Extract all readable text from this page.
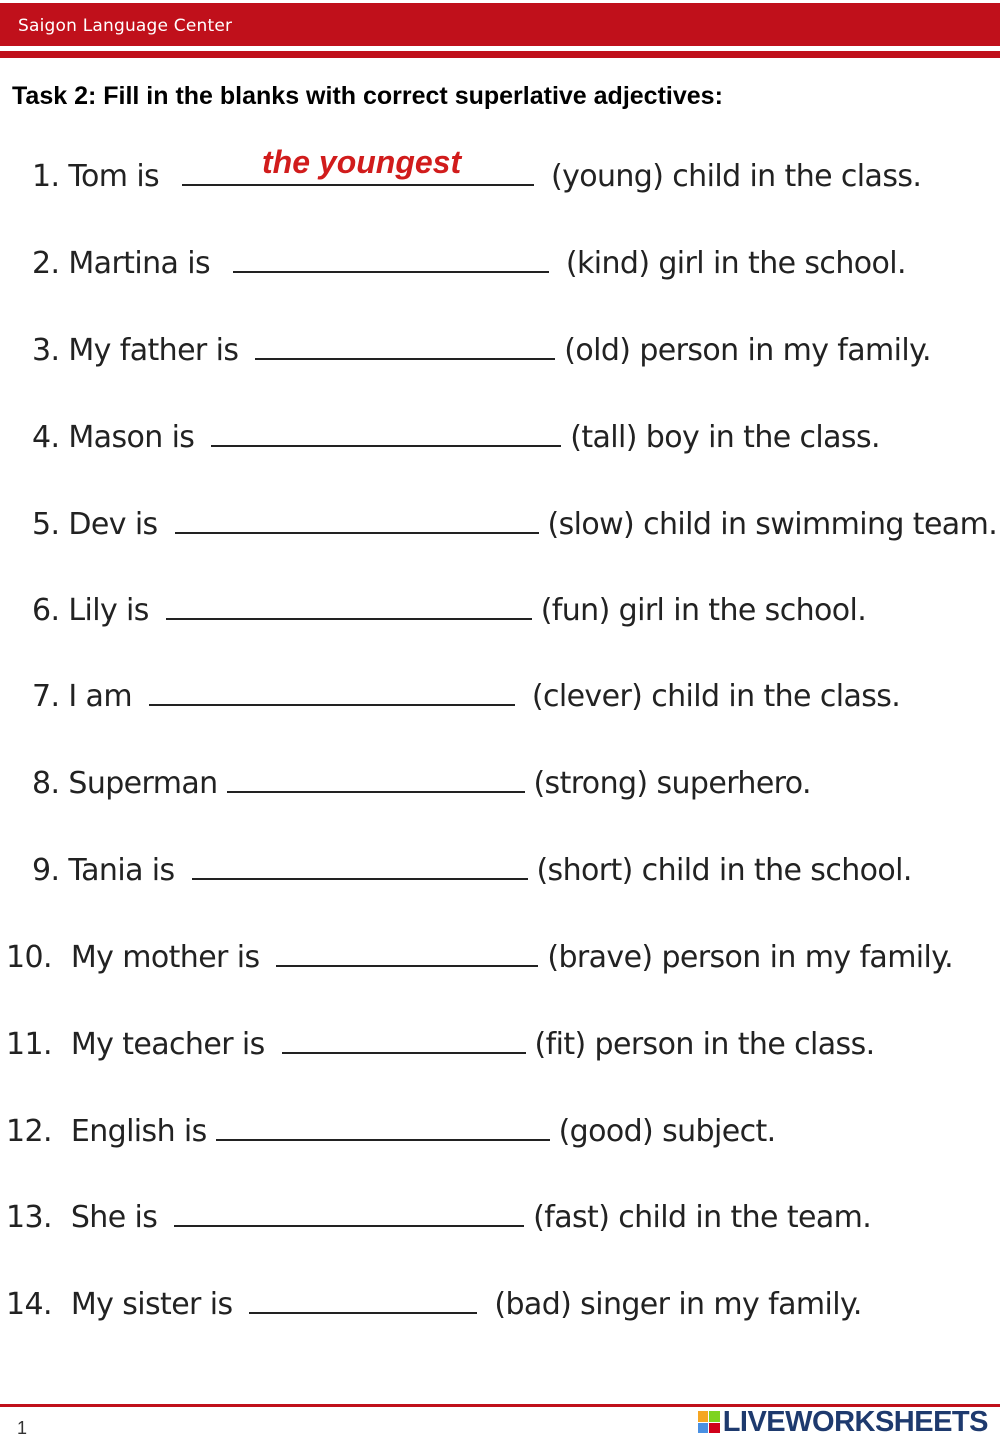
Saigon Language Center
Task 2: Fill in the blanks with correct superlative adjectives:
1. Tom is	(young) child in the class.
2. Martina is	(kind) girl in the school.
3. My father is	(old) person in my family.
4. Mason is	(tall) boy in the class.
5. Dev is	(slow) child in swimming team.
6. Lily is	(fun) girl in the school.
7. I am	(clever) child in the class.
8. Superman	(strong) superhero.
9. Tania is	(short) child in the school.
10. My mother is	(brave) person in my family.
11. My teacher is	(fit) person in the class.
12. English is	(good) subject.
13. She is	(fast) child in the team.
14. My sister is	(bad) singer in my family.
the youngest
1	LIVEWORKSHEETS
